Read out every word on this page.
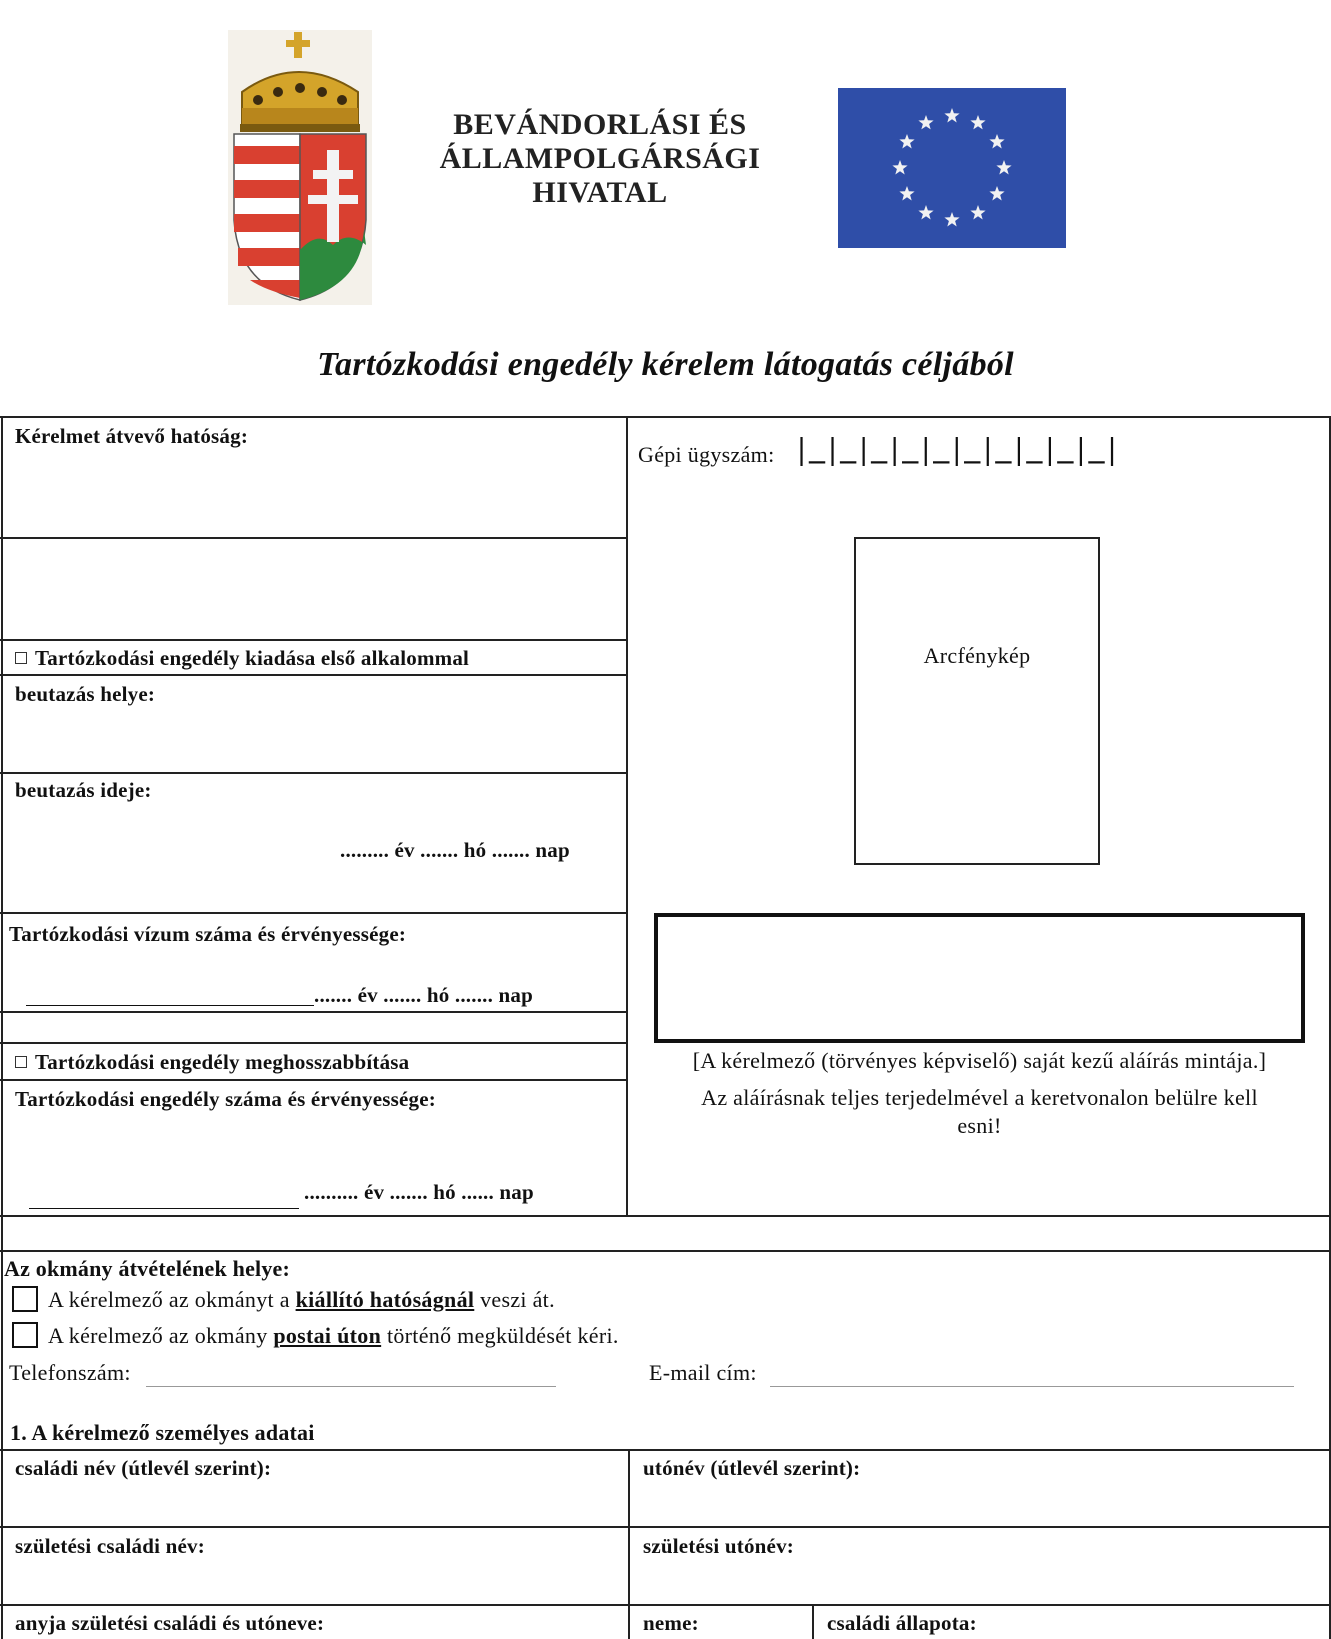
BEVÁNDORLÁSI ÉS
ÁLLAMPOLGÁRSÁGI
HIVATAL
Tartózkodási engedély kérelem látogatás céljából
Kérelmet átvevő hatóság:
Tartózkodási engedély kiadása első alkalommal
beutazás helye:
beutazás ideje:
......... év ....... hó ....... nap
Tartózkodási vízum száma és érvényessége:
....... év ....... hó ....... nap
Tartózkodási engedély meghosszabbítása
Tartózkodási engedély száma és érvényessége:
.......... év ....... hó ...... nap
Gépi ügyszám: |_|_|_|_|_|_|_|_|_|_|
Arcfénykép
[A kérelmező (törvényes képviselő) saját kezű aláírás mintája.]
Az aláírásnak teljes terjedelmével a keretvonalon belülre kell
esni!
Az okmány átvételének helye:
A kérelmező az okmányt a kiállító hatóságnál veszi át.
A kérelmező az okmány postai úton történő megküldését kéri.
Telefonszám:	E-mail cím:
1. A kérelmező személyes adatai
családi név (útlevél szerint):	utónév (útlevél szerint):
születési családi név:	születési utónév:
anyja születési családi és utóneve:	neme:	családi állapota:
